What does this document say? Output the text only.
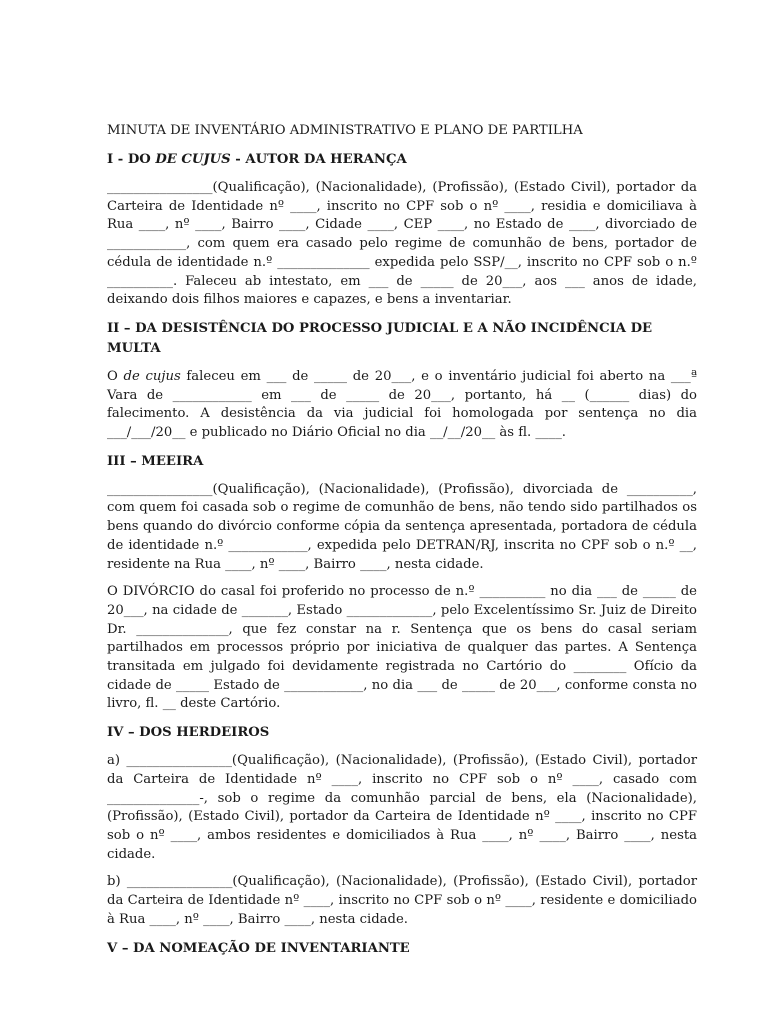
MINUTA DE INVENTÁRIO ADMINISTRATIVO E PLANO DE PARTILHA

I - DO DE CUJUS - AUTOR DA HERANÇA

________________(Qualificação), (Nacionalidade), (Profissão), (Estado Civil), portador da Carteira de Identidade nº ____, inscrito no CPF sob o nº ____, residia e domiciliava à Rua ____, nº ____, Bairro ____, Cidade ____, CEP ____, no Estado de ____, divorciado de ____________, com quem era casado pelo regime de comunhão de bens, portador de cédula de identidade n.º ______________ expedida pelo SSP/__, inscrito no CPF sob o n.º __________. Faleceu ab intestato, em ___ de _____ de 20___, aos ___ anos de idade, deixando dois filhos maiores e capazes, e bens a inventariar.

II – DA DESISTÊNCIA DO PROCESSO JUDICIAL E A NÃO INCIDÊNCIA DE MULTA

O de cujus faleceu em ___ de _____ de 20___, e o inventário judicial foi aberto na ___ª Vara de ____________ em ___ de _____ de 20___, portanto, há __ (______ dias) do falecimento. A desistência da via judicial foi homologada por sentença no dia ___/___/20__ e publicado no Diário Oficial no dia __/__/20__ às fl. ____.

III – MEEIRA

________________(Qualificação), (Nacionalidade), (Profissão), divorciada de __________, com quem foi casada sob o regime de comunhão de bens, não tendo sido partilhados os bens quando do divórcio conforme cópia da sentença apresentada, portadora de cédula de identidade n.º ____________, expedida pelo DETRAN/RJ, inscrita no CPF sob o n.º __, residente na Rua ____, nº ____, Bairro ____, nesta cidade.

O DIVÓRCIO do casal foi proferido no processo de n.º __________ no dia ___ de _____ de 20___, na cidade de _______, Estado _____________, pelo Excelentíssimo Sr. Juiz de Direito Dr. ______________, que fez constar na r. Sentença que os bens do casal seriam partilhados em processos próprio por iniciativa de qualquer das partes. A Sentença transitada em julgado foi devidamente registrada no Cartório do ________ Ofício da cidade de _____ Estado de ____________, no dia ___ de _____ de 20___, conforme consta no livro, fl. __ deste Cartório.

IV – DOS HERDEIROS

a) ________________(Qualificação), (Nacionalidade), (Profissão), (Estado Civil), portador da Carteira de Identidade nº ____, inscrito no CPF sob o nº ____, casado com ______________-, sob o regime da comunhão parcial de bens, ela (Nacionalidade), (Profissão), (Estado Civil), portador da Carteira de Identidade nº ____, inscrito no CPF sob o nº ____, ambos residentes e domiciliados à Rua ____, nº ____, Bairro ____, nesta cidade.

b) ________________(Qualificação), (Nacionalidade), (Profissão), (Estado Civil), portador da Carteira de Identidade nº ____, inscrito no CPF sob o nº ____, residente e domiciliado à Rua ____, nº ____, Bairro ____, nesta cidade.

V – DA NOMEAÇÃO DE INVENTARIANTE
